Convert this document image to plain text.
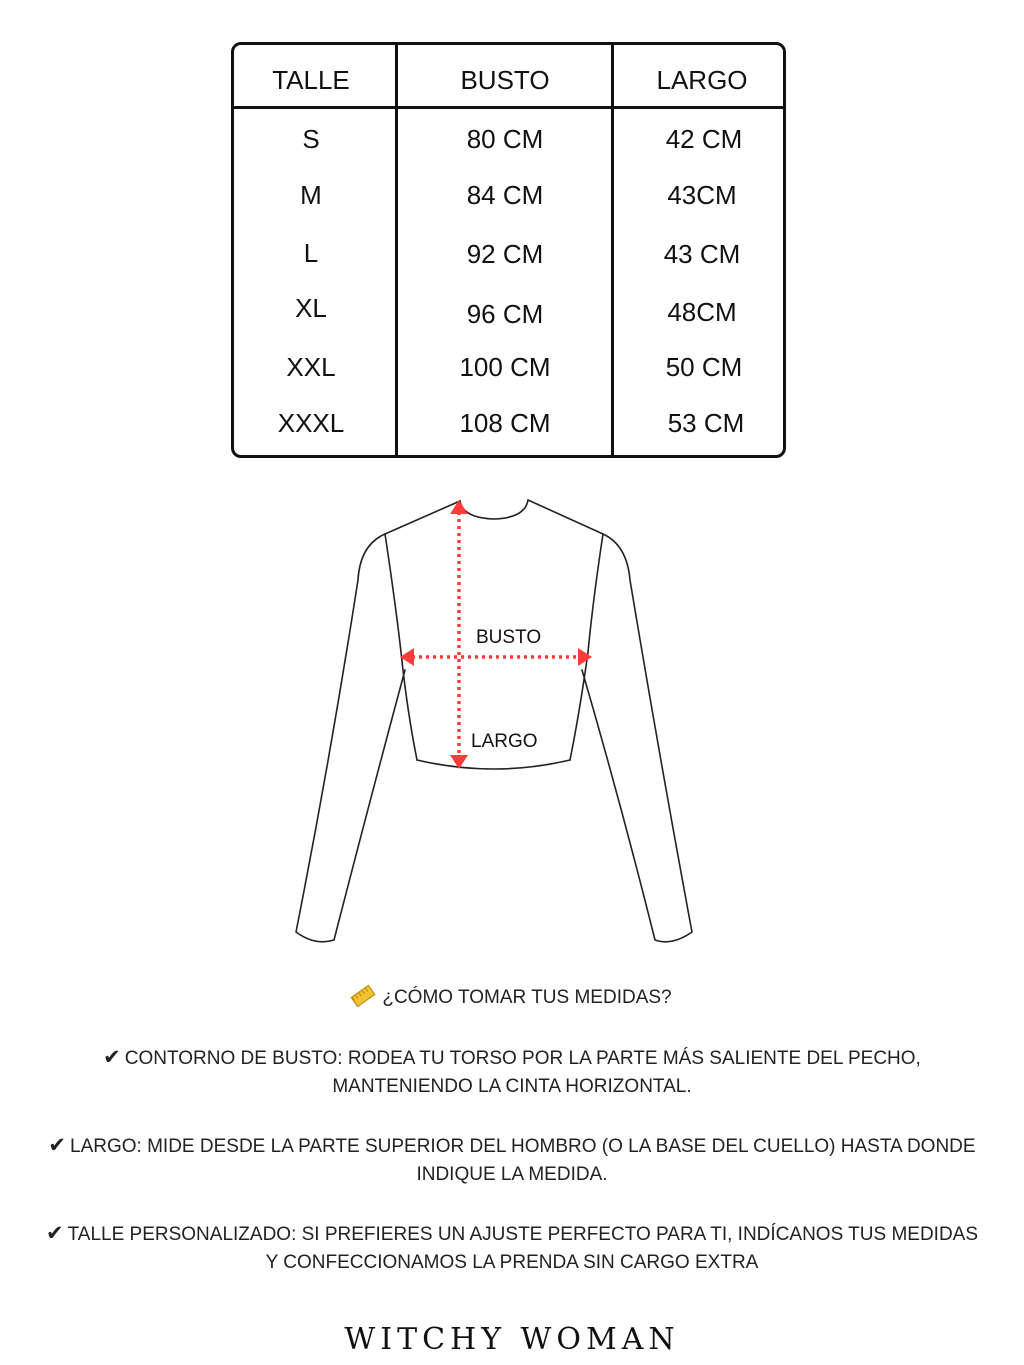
TALLE	BUSTO	LARGO
S	80 CM	42 CM
M	84 CM	43CM
L	92 CM	43 CM
XL	96 CM	48CM
XXL	100 CM	50 CM
XXXL	108 CM	53 CM
BUSTO
LARGO
¿CÓMO TOMAR TUS MEDIDAS?
✔ CONTORNO DE BUSTO: RODEA TU TORSO POR LA PARTE MÁS SALIENTE DEL PECHO,
MANTENIENDO LA CINTA HORIZONTAL.
✔ LARGO: MIDE DESDE LA PARTE SUPERIOR DEL HOMBRO (O LA BASE DEL CUELLO) HASTA DONDE
INDIQUE LA MEDIDA.
✔ TALLE PERSONALIZADO: SI PREFIERES UN AJUSTE PERFECTO PARA TI, INDÍCANOS TUS MEDIDAS
Y CONFECCIONAMOS LA PRENDA SIN CARGO EXTRA
WITCHY WOMAN
